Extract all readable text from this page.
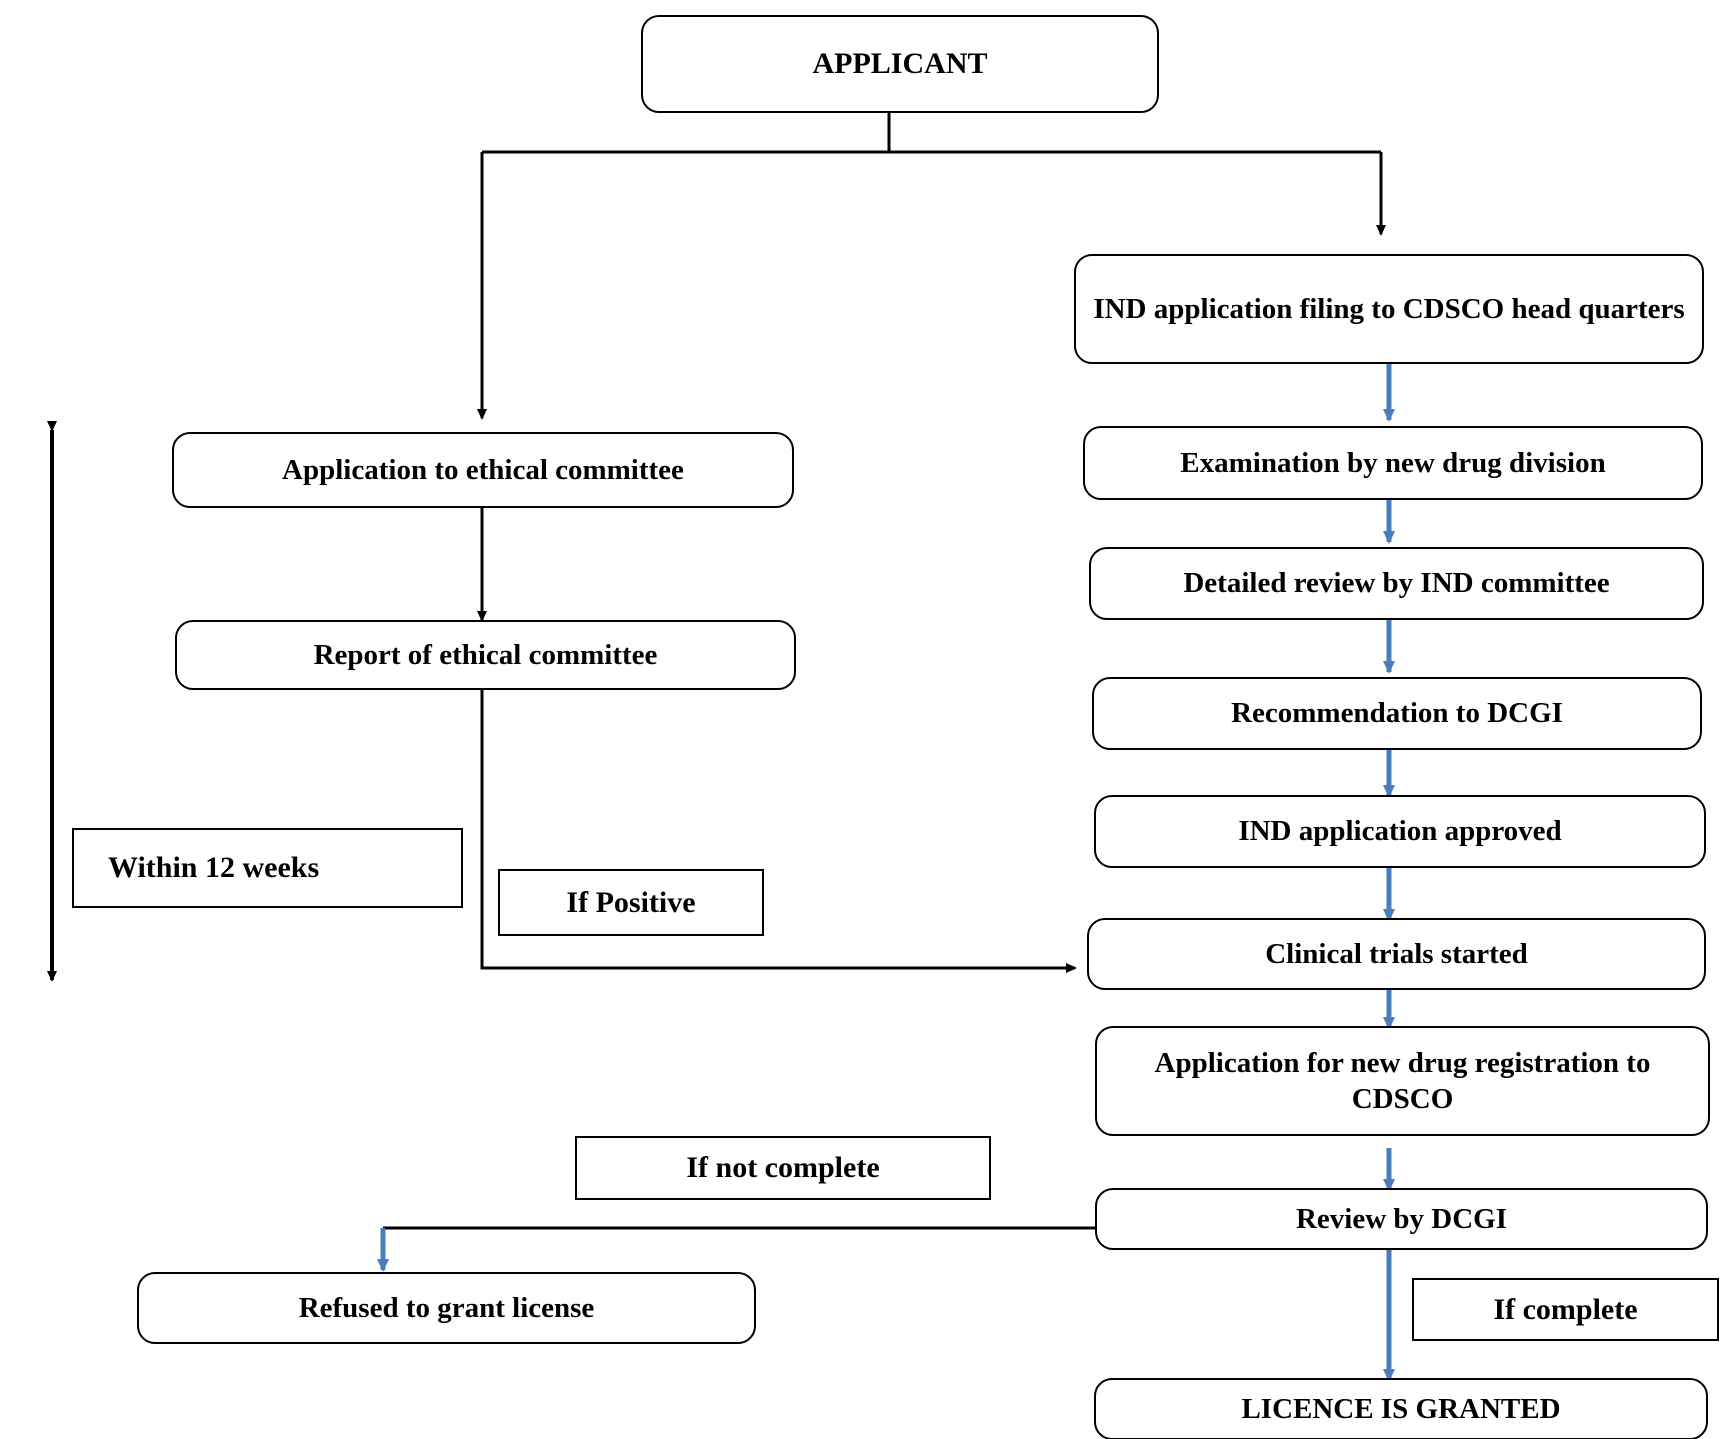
APPLICANT
IND application filing to CDSCO head quarters
Application to ethical committee	Examination by new drug division
Report of ethical committee
Detailed review by IND committee
Recommendation to DCGI
IND application approved
Clinical trials started
Application for new drug registration to CDSCO
Review by DCGI
Refused to grant license
LICENCE IS GRANTED
Within 12 weeks
If Positive
If not complete
If complete
